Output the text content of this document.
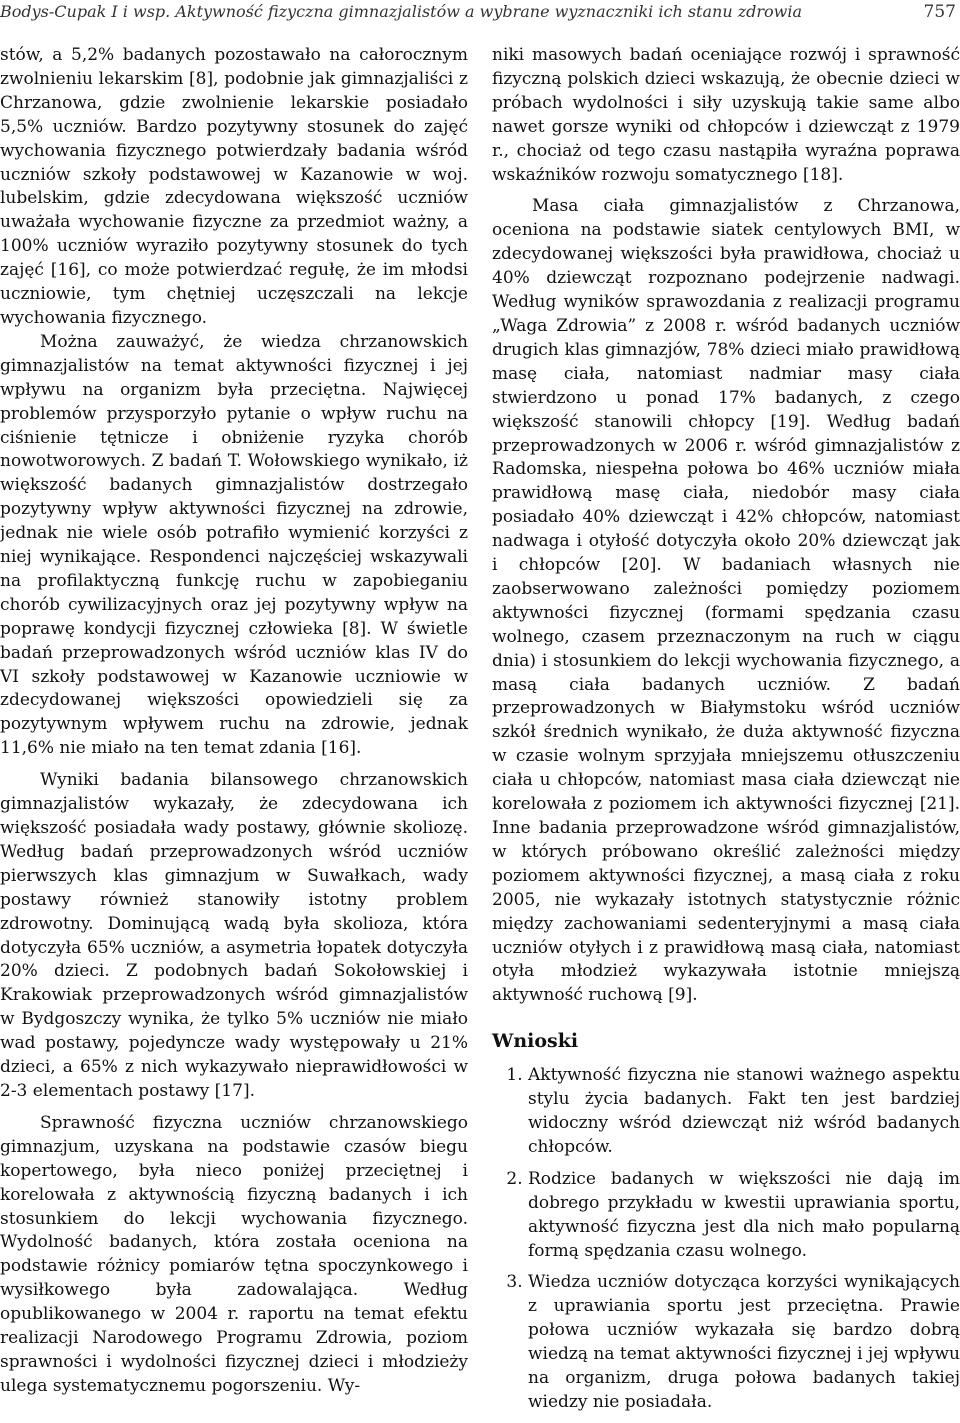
Bodys-Cupak I i wsp. Aktywność fizyczna gimnazjalistów a wybrane wyznaczniki ich stanu zdrowia	757

stów, a 5,2% badanych pozostawało na całorocznym zwolnieniu lekarskim [8], podobnie jak gimnazjaliści z Chrzanowa, gdzie zwolnienie lekarskie posiadało 5,5% uczniów. Bardzo pozytywny stosunek do zajęć wychowania fizycznego potwierdzały badania wśród uczniów szkoły podstawowej w Kazanowie w woj. lubelskim, gdzie zdecydowana większość uczniów uważała wychowanie fizyczne za przedmiot ważny, a 100% uczniów wyraziło pozytywny stosunek do tych zajęć [16], co może potwierdzać regułę, że im młodsi uczniowie, tym chętniej uczęszczali na lekcje wychowania fizycznego.

Można zauważyć, że wiedza chrzanowskich gimnazjalistów na temat aktywności fizycznej i jej wpływu na organizm była przeciętna. Najwięcej problemów przysporzyło pytanie o wpływ ruchu na ciśnienie tętnicze i obniżenie ryzyka chorób nowotworowych. Z badań T. Wołowskiego wynikało, iż większość badanych gimnazjalistów dostrzegało pozytywny wpływ aktywności fizycznej na zdrowie, jednak nie wiele osób potrafiło wymienić korzyści z niej wynikające. Respondenci najczęściej wskazywali na profilaktyczną funkcję ruchu w zapobieganiu chorób cywilizacyjnych oraz jej pozytywny wpływ na poprawę kondycji fizycznej człowieka [8]. W świetle badań przeprowadzonych wśród uczniów klas IV do VI szkoły podstawowej w Kazanowie uczniowie w zdecydowanej większości opowiedzieli się za pozytywnym wpływem ruchu na zdrowie, jednak 11,6% nie miało na ten temat zdania [16].

Wyniki badania bilansowego chrzanowskich gimnazjalistów wykazały, że zdecydowana ich większość posiadała wady postawy, głównie skoliozę. Według badań przeprowadzonych wśród uczniów pierwszych klas gimnazjum w Suwałkach, wady postawy również stanowiły istotny problem zdrowotny. Dominującą wadą była skolioza, która dotyczyła 65% uczniów, a asymetria łopatek dotyczyła 20% dzieci. Z podobnych badań Sokołowskiej i Krakowiak przeprowadzonych wśród gimnazjalistów w Bydgoszczy wynika, że tylko 5% uczniów nie miało wad postawy, pojedyncze wady występowały u 21% dzieci, a 65% z nich wykazywało nieprawidłowości w 2-3 elementach postawy [17].

Sprawność fizyczna uczniów chrzanowskiego gimnazjum, uzyskana na podstawie czasów biegu kopertowego, była nieco poniżej przeciętnej i korelowała z aktywnością fizyczną badanych i ich stosunkiem do lekcji wychowania fizycznego. Wydolność badanych, która została oceniona na podstawie różnicy pomiarów tętna spoczynkowego i wysiłkowego była zadowalająca. Według opublikowanego w 2004 r. raportu na temat efektu realizacji Narodowego Programu Zdrowia, poziom sprawności i wydolności fizycznej dzieci i młodzieży ulega systematycznemu pogorszeniu. Wy-

niki masowych badań oceniające rozwój i sprawność fizyczną polskich dzieci wskazują, że obecnie dzieci w próbach wydolności i siły uzyskują takie same albo nawet gorsze wyniki od chłopców i dziewcząt z 1979 r., chociaż od tego czasu nastąpiła wyraźna poprawa wskaźników rozwoju somatycznego [18].

Masa ciała gimnazjalistów z Chrzanowa, oceniona na podstawie siatek centylowych BMI, w zdecydowanej większości była prawidłowa, chociaż u 40% dziewcząt rozpoznano podejrzenie nadwagi. Według wyników sprawozdania z realizacji programu „Waga Zdrowia” z 2008 r. wśród badanych uczniów drugich klas gimnazjów, 78% dzieci miało prawidłową masę ciała, natomiast nadmiar masy ciała stwierdzono u ponad 17% badanych, z czego większość stanowili chłopcy [19]. Według badań przeprowadzonych w 2006 r. wśród gimnazjalistów z Radomska, niespełna połowa bo 46% uczniów miała prawidłową masę ciała, niedobór masy ciała posiadało 40% dziewcząt i 42% chłopców, natomiast nadwaga i otyłość dotyczyła około 20% dziewcząt jak i chłopców [20]. W badaniach własnych nie zaobserwowano zależności pomiędzy poziomem aktywności fizycznej (formami spędzania czasu wolnego, czasem przeznaczonym na ruch w ciągu dnia) i stosunkiem do lekcji wychowania fizycznego, a masą ciała badanych uczniów. Z badań przeprowadzonych w Białymstoku wśród uczniów szkół średnich wynikało, że duża aktywność fizyczna w czasie wolnym sprzyjała mniejszemu otłuszczeniu ciała u chłopców, natomiast masa ciała dziewcząt nie korelowała z poziomem ich aktywności fizycznej [21]. Inne badania przeprowadzone wśród gimnazjalistów, w których próbowano określić zależności między poziomem aktywności fizycznej, a masą ciała z roku 2005, nie wykazały istotnych statystycznie różnic między zachowaniami sedenteryjnymi a masą ciała uczniów otyłych i z prawidłową masą ciała, natomiast otyła młodzież wykazywała istotnie mniejszą aktywność ruchową [9].

Wnioski
1. Aktywność fizyczna nie stanowi ważnego aspektu stylu życia badanych. Fakt ten jest bardziej widoczny wśród dziewcząt niż wśród badanych chłopców.
2. Rodzice badanych w większości nie dają im dobrego przykładu w kwestii uprawiania sportu, aktywność fizyczna jest dla nich mało popularną formą spędzania czasu wolnego.
3. Wiedza uczniów dotycząca korzyści wynikających z uprawiania sportu jest przeciętna. Prawie połowa uczniów wykazała się bardzo dobrą wiedzą na temat aktywności fizycznej i jej wpływu na organizm, druga połowa badanych takiej wiedzy nie posiadała.
